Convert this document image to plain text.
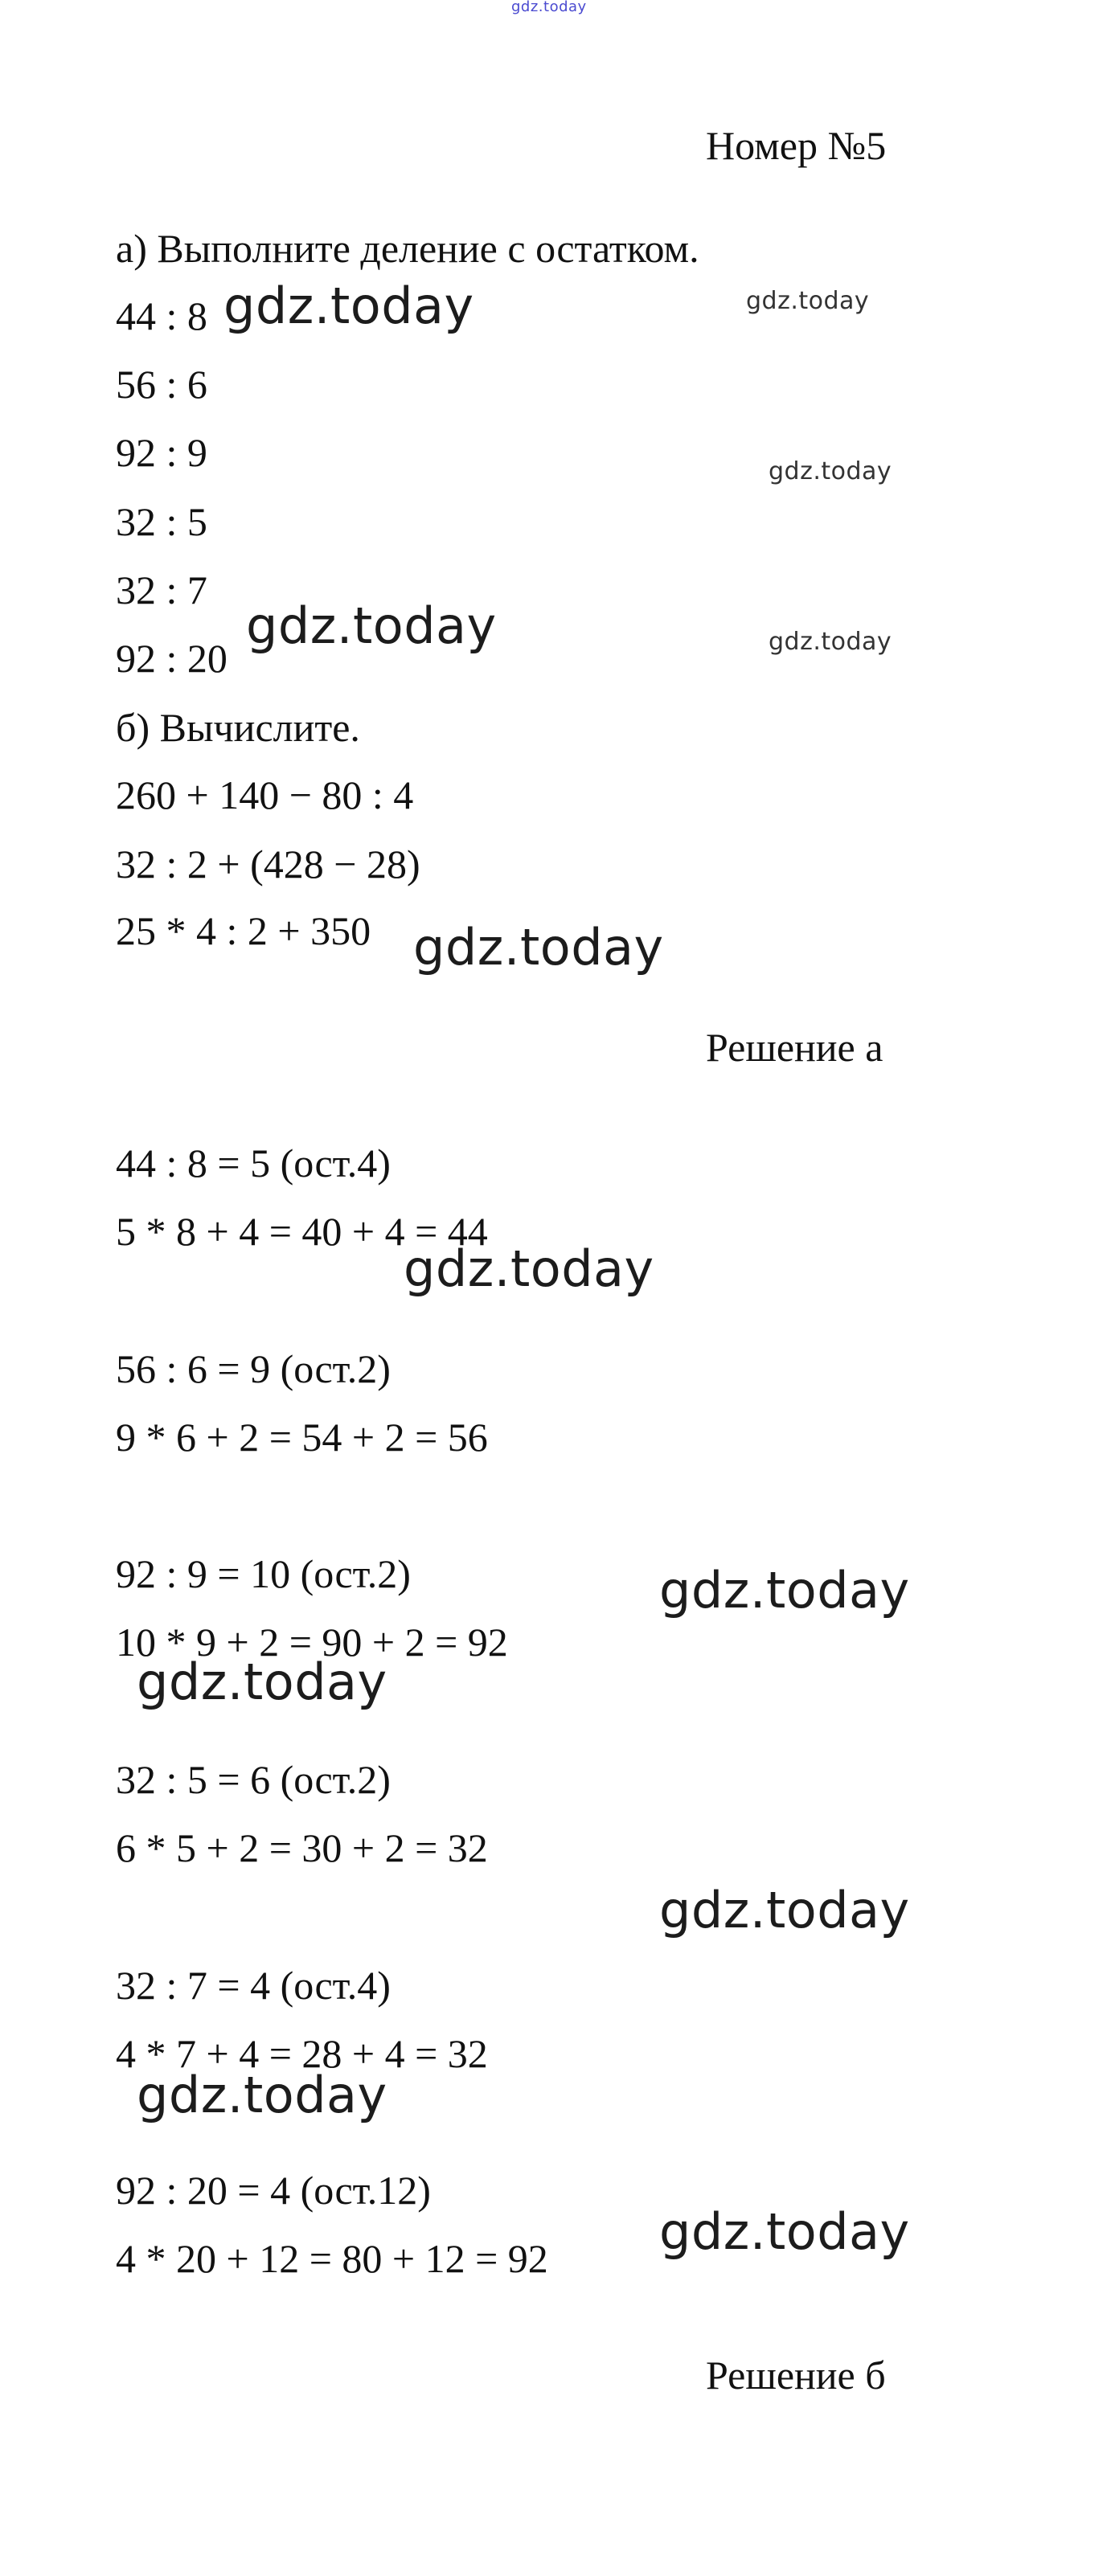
gdz.today
Номер №5
а) Выполните деление с остатком.
44 : 8
56 : 6
92 : 9
32 : 5
32 : 7
92 : 20
б) Вычислите.
260 + 140 − 80 : 4
32 : 2 + (428 − 28)
25 * 4 : 2 + 350
Решение а
44 : 8 = 5 (ост.4)
5 * 8 + 4 = 40 + 4 = 44
56 : 6 = 9 (ост.2)
9 * 6 + 2 = 54 + 2 = 56
92 : 9 = 10 (ост.2)
10 * 9 + 2 = 90 + 2 = 92
32 : 5 = 6 (ост.2)
6 * 5 + 2 = 30 + 2 = 32
32 : 7 = 4 (ост.4)
4 * 7 + 4 = 28 + 4 = 32
92 : 20 = 4 (ост.12)
4 * 20 + 12 = 80 + 12 = 92
Решение б
gdz.today
gdz.today
gdz.today
gdz.today
gdz.today
gdz.today
gdz.today
gdz.today
gdz.today
gdz.today
gdz.today
gdz.today
